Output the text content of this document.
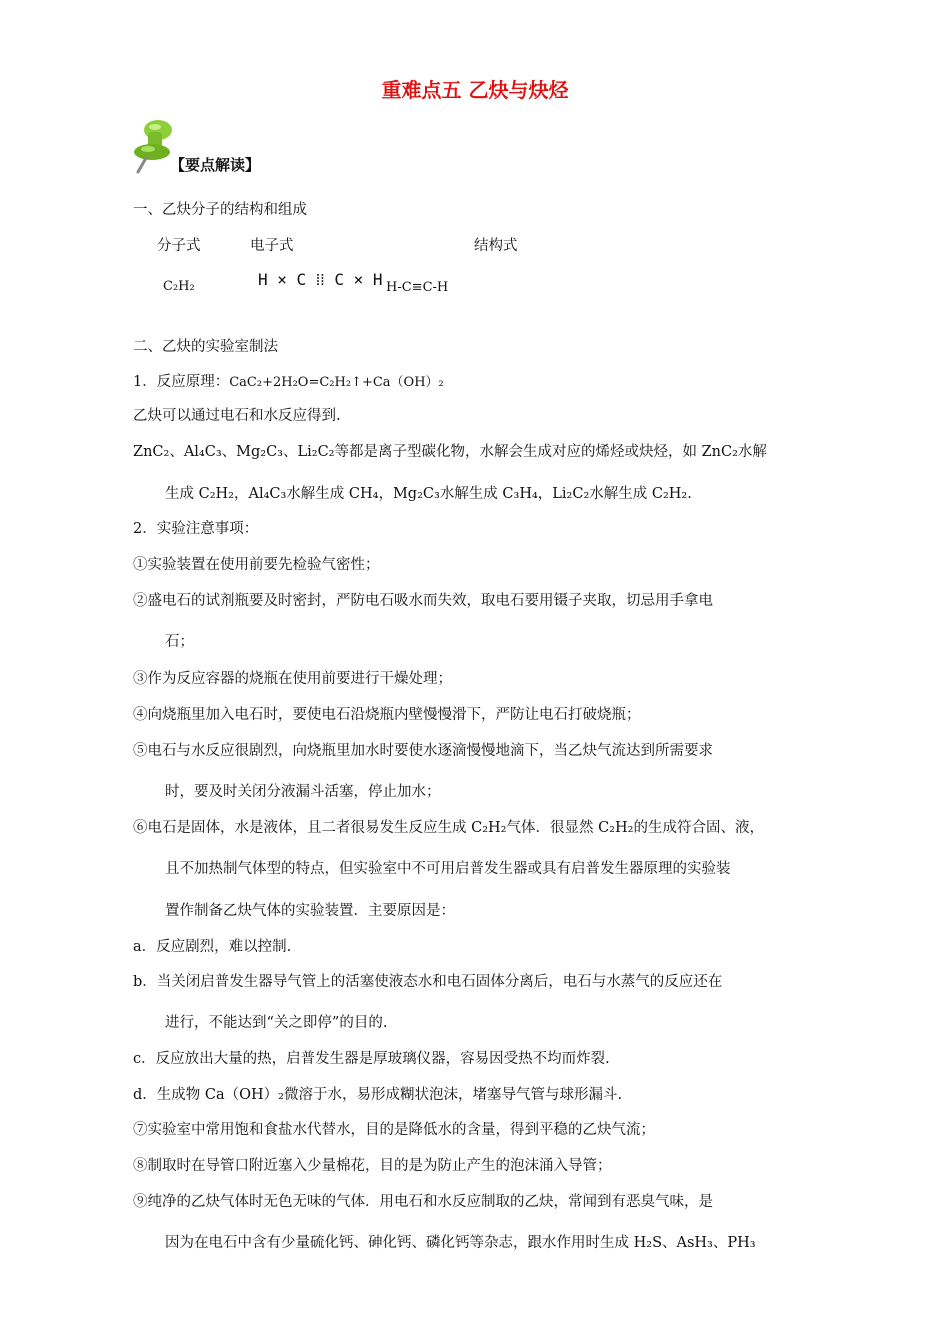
重难点五 乙炔与炔烃
【要点解读】
一、乙炔分子的结构和组成
分子式	电子式	结构式
C₂H₂	H × C ⁞⁞ C × H H-C≡C-H
二、乙炔的实验室制法
1．反应原理：CaC₂+2H₂O=C₂H₂↑+Ca（OH）₂
乙炔可以通过电石和水反应得到.
ZnC₂、Al₄C₃、Mg₂C₃、Li₂C₂等都是离子型碳化物，水解会生成对应的烯烃或炔烃，如 ZnC₂水解
生成 C₂H₂，Al₄C₃水解生成 CH₄，Mg₂C₃水解生成 C₃H₄，Li₂C₂水解生成 C₂H₂.
2．实验注意事项：
①实验装置在使用前要先检验气密性；
②盛电石的试剂瓶要及时密封，严防电石吸水而失效，取电石要用镊子夹取，切忌用手拿电
石；
③作为反应容器的烧瓶在使用前要进行干燥处理；
④向烧瓶里加入电石时，要使电石沿烧瓶内壁慢慢滑下，严防让电石打破烧瓶；
⑤电石与水反应很剧烈，向烧瓶里加水时要使水逐滴慢慢地滴下，当乙炔气流达到所需要求
时，要及时关闭分液漏斗活塞，停止加水；
⑥电石是固体，水是液体，且二者很易发生反应生成 C₂H₂气体．很显然 C₂H₂的生成符合固、液，
且不加热制气体型的特点，但实验室中不可用启普发生器或具有启普发生器原理的实验装
置作制备乙炔气体的实验装置．主要原因是：
a．反应剧烈，难以控制.
b．当关闭启普发生器导气管上的活塞使液态水和电石固体分离后，电石与水蒸气的反应还在
进行，不能达到“关之即停”的目的.
c．反应放出大量的热，启普发生器是厚玻璃仪器，容易因受热不均而炸裂.
d．生成物 Ca（OH）₂微溶于水，易形成糊状泡沫，堵塞导气管与球形漏斗.
⑦实验室中常用饱和食盐水代替水，目的是降低水的含量，得到平稳的乙炔气流；
⑧制取时在导管口附近塞入少量棉花，目的是为防止产生的泡沫涌入导管；
⑨纯净的乙炔气体时无色无味的气体．用电石和水反应制取的乙炔，常闻到有恶臭气味，是
因为在电石中含有少量硫化钙、砷化钙、磷化钙等杂志，跟水作用时生成 H₂S、AsH₃、PH₃
